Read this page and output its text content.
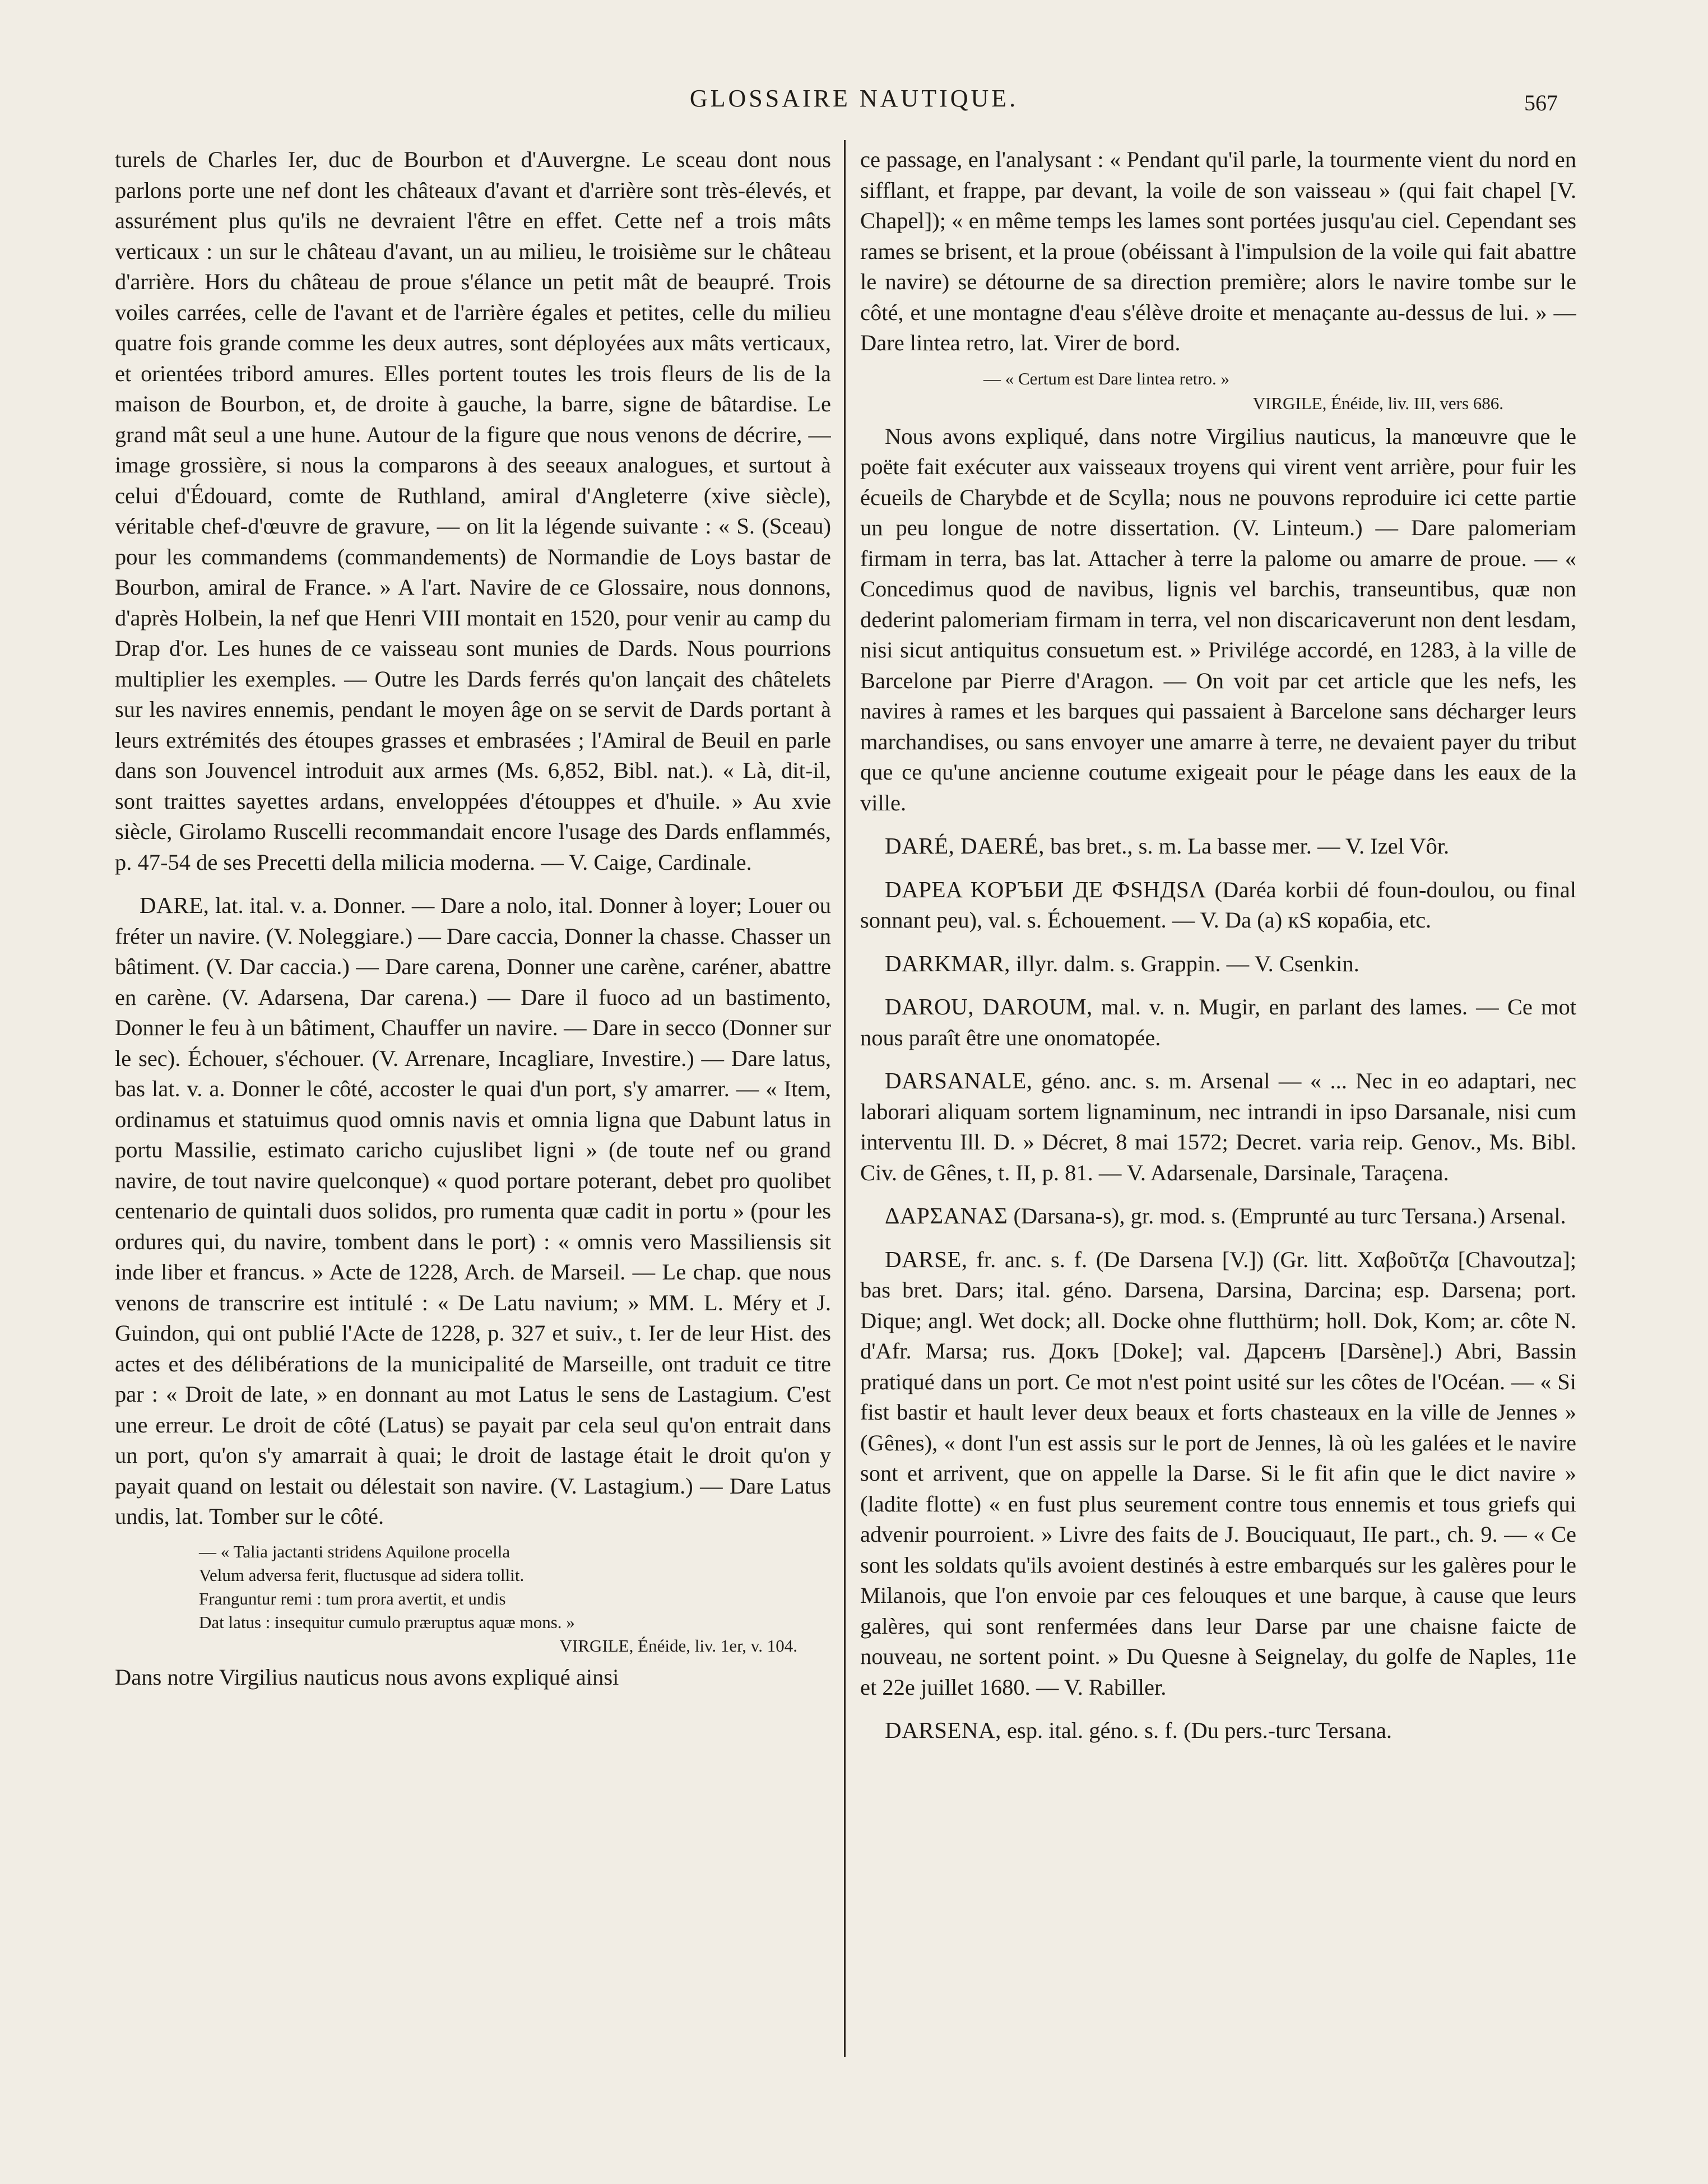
GLOSSAIRE NAUTIQUE.	567

turels de Charles Ier, duc de Bourbon et d'Auvergne. Le sceau dont nous parlons porte une nef dont les châteaux d'avant et d'arrière sont très-élevés, et assurément plus qu'ils ne devraient l'être en effet. Cette nef a trois mâts verticaux : un sur le château d'avant, un au milieu, le troisième sur le château d'arrière. Hors du château de proue s'élance un petit mât de beaupré. Trois voiles carrées, celle de l'avant et de l'arrière égales et petites, celle du milieu quatre fois grande comme les deux autres, sont déployées aux mâts verticaux, et orientées tribord amures. Elles portent toutes les trois fleurs de lis de la maison de Bourbon, et, de droite à gauche, la barre, signe de bâtardise. Le grand mât seul a une hune. Autour de la figure que nous venons de décrire, — image grossière, si nous la comparons à des seeaux analogues, et surtout à celui d'Édouard, comte de Ruthland, amiral d'Angleterre (xive siècle), véritable chef-d'œuvre de gravure, — on lit la légende suivante : « S. (Sceau) pour les commandems (commandements) de Normandie de Loys bastar de Bourbon, amiral de France. » A l'art. Navire de ce Glossaire, nous donnons, d'après Holbein, la nef que Henri VIII montait en 1520, pour venir au camp du Drap d'or. Les hunes de ce vaisseau sont munies de Dards. Nous pourrions multiplier les exemples. — Outre les Dards ferrés qu'on lançait des châtelets sur les navires ennemis, pendant le moyen âge on se servit de Dards portant à leurs extrémités des étoupes grasses et embrasées ; l'Amiral de Beuil en parle dans son Jouvencel introduit aux armes (Ms. 6,852, Bibl. nat.). « Là, dit-il, sont traittes sayettes ardans, enveloppées d'étouppes et d'huile. » Au xvie siècle, Girolamo Ruscelli recommandait encore l'usage des Dards enflammés, p. 47-54 de ses Precetti della milicia moderna. — V. Caige, Cardinale.

DARE, lat. ital. v. a. Donner. — Dare a nolo, ital. Donner à loyer; Louer ou fréter un navire. (V. Noleggiare.) — Dare caccia, Donner la chasse. Chasser un bâtiment. (V. Dar caccia.) — Dare carena, Donner une carène, caréner, abattre en carène. (V. Adarsena, Dar carena.) — Dare il fuoco ad un bastimento, Donner le feu à un bâtiment, Chauffer un navire. — Dare in secco (Donner sur le sec). Échouer, s'échouer. (V. Arrenare, Incagliare, Investire.) — Dare latus, bas lat. v. a. Donner le côté, accoster le quai d'un port, s'y amarrer. — « Item, ordinamus et statuimus quod omnis navis et omnia ligna que Dabunt latus in portu Massilie, estimato caricho cujuslibet ligni » (de toute nef ou grand navire, de tout navire quelconque) « quod portare poterant, debet pro quolibet centenario de quintali duos solidos, pro rumenta quæ cadit in portu » (pour les ordures qui, du navire, tombent dans le port) : « omnis vero Massiliensis sit inde liber et francus. » Acte de 1228, Arch. de Marseil. — Le chap. que nous venons de transcrire est intitulé : « De Latu navium; » MM. L. Méry et J. Guindon, qui ont publié l'Acte de 1228, p. 327 et suiv., t. Ier de leur Hist. des actes et des délibérations de la municipalité de Marseille, ont traduit ce titre par : « Droit de late, » en donnant au mot Latus le sens de Lastagium. C'est une erreur. Le droit de côté (Latus) se payait par cela seul qu'on entrait dans un port, qu'on s'y amarrait à quai; le droit de lastage était le droit qu'on y payait quand on lestait ou délestait son navire. (V. Lastagium.) — Dare Latus undis, lat. Tomber sur le côté.

— « Talia jactanti stridens Aquilone procella
Velum adversa ferit, fluctusque ad sidera tollit.
Franguntur remi : tum prora avertit, et undis
Dat latus : insequitur cumulo præruptus aquæ mons. »
VIRGILE, Énéide, liv. 1er, v. 104.

Dans notre Virgilius nauticus nous avons expliqué ainsi

ce passage, en l'analysant : « Pendant qu'il parle, la tourmente vient du nord en sifflant, et frappe, par devant, la voile de son vaisseau » (qui fait chapel [V. Chapel]); « en même temps les lames sont portées jusqu'au ciel. Cependant ses rames se brisent, et la proue (obéissant à l'impulsion de la voile qui fait abattre le navire) se détourne de sa direction première; alors le navire tombe sur le côté, et une montagne d'eau s'élève droite et menaçante au-dessus de lui. » — Dare lintea retro, lat. Virer de bord.

— « Certum est Dare lintea retro. »
VIRGILE, Énéide, liv. III, vers 686.

Nous avons expliqué, dans notre Virgilius nauticus, la manœuvre que le poëte fait exécuter aux vaisseaux troyens qui virent vent arrière, pour fuir les écueils de Charybde et de Scylla; nous ne pouvons reproduire ici cette partie un peu longue de notre dissertation. (V. Linteum.) — Dare palomeriam firmam in terra, bas lat. Attacher à terre la palome ou amarre de proue. — « Concedimus quod de navibus, lignis vel barchis, transeuntibus, quæ non dederint palomeriam firmam in terra, vel non discaricaverunt non dent lesdam, nisi sicut antiquitus consuetum est. » Privilége accordé, en 1283, à la ville de Barcelone par Pierre d'Aragon. — On voit par cet article que les nefs, les navires à rames et les barques qui passaient à Barcelone sans décharger leurs marchandises, ou sans envoyer une amarre à terre, ne devaient payer du tribut que ce qu'une ancienne coutume exigeait pour le péage dans les eaux de la ville.

DARÉ, DAERÉ, bas bret., s. m. La basse mer. — V. Izel Vôr.

DAPEA KOPЪБИ ДЕ ФЅНДЅΛ (Daréa korbii dé foun-doulou, ou final sonnant peu), val. s. Échouement. — V. Da (a) кЅ корабіа, etc.

DARKMAR, illyr. dalm. s. Grappin. — V. Csenkin.

DAROU, DAROUM, mal. v. n. Mugir, en parlant des lames. — Ce mot nous paraît être une onomatopée.

DARSANALE, géno. anc. s. m. Arsenal — « ... Nec in eo adaptari, nec laborari aliquam sortem lignaminum, nec intrandi in ipso Darsanale, nisi cum interventu Ill. D. » Décret, 8 mai 1572; Decret. varia reip. Genov., Ms. Bibl. Civ. de Gênes, t. II, p. 81. — V. Adarsenale, Darsinale, Taraçena.

ΔΑΡΣΑΝΑΣ (Darsana-s), gr. mod. s. (Emprunté au turc Tersana.) Arsenal.

DARSE, fr. anc. s. f. (De Darsena [V.]) (Gr. litt. Χαβοῦτζα [Chavoutza]; bas bret. Dars; ital. géno. Darsena, Darsina, Darcina; esp. Darsena; port. Dique; angl. Wet dock; all. Docke ohne flutthürm; holl. Dok, Kom; ar. côte N. d'Afr. Marsa; rus. Докъ [Doke]; val. Дарсенъ [Darsène].) Abri, Bassin pratiqué dans un port. Ce mot n'est point usité sur les côtes de l'Océan. — « Si fist bastir et hault lever deux beaux et forts chasteaux en la ville de Jennes » (Gênes), « dont l'un est assis sur le port de Jennes, là où les galées et le navire sont et arrivent, que on appelle la Darse. Si le fit afin que le dict navire » (ladite flotte) « en fust plus seurement contre tous ennemis et tous griefs qui advenir pourroient. » Livre des faits de J. Bouciquaut, IIe part., ch. 9. — « Ce sont les soldats qu'ils avoient destinés à estre embarqués sur les galères pour le Milanois, que l'on envoie par ces felouques et une barque, à cause que leurs galères, qui sont renfermées dans leur Darse par une chaisne faicte de nouveau, ne sortent point. » Du Quesne à Seignelay, du golfe de Naples, 11e et 22e juillet 1680. — V. Rabiller.

DARSENA, esp. ital. géno. s. f. (Du pers.-turc Tersana.
